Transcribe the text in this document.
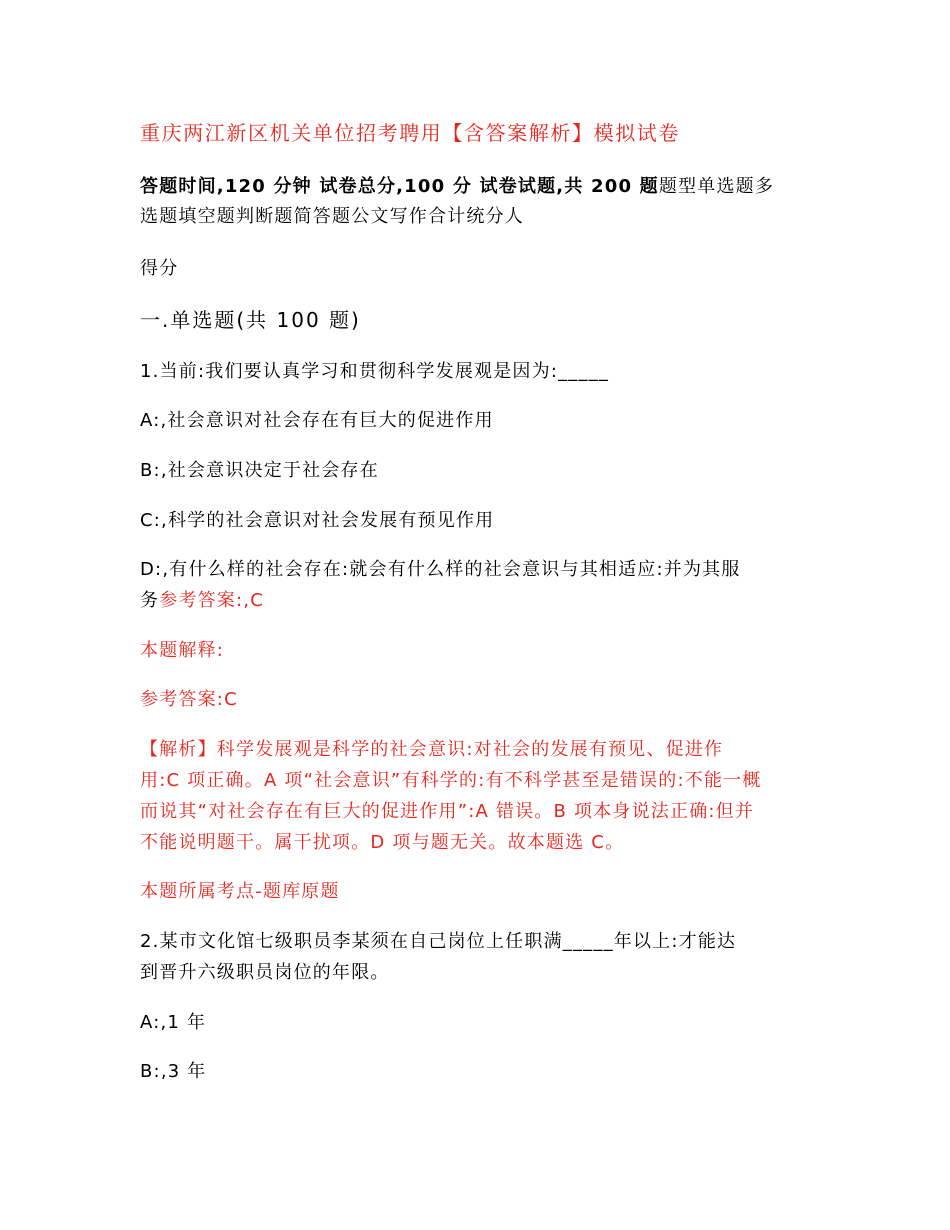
重庆两江新区机关单位招考聘用【含答案解析】模拟试卷
答题时间,120 分钟 试卷总分,100 分 试卷试题,共 200 题题型单选题多
选题填空题判断题简答题公文写作合计统分人
得分
一.单选题(共 100 题)
1.当前:我们要认真学习和贯彻科学发展观是因为:_____
A:,社会意识对社会存在有巨大的促进作用
B:,社会意识决定于社会存在
C:,科学的社会意识对社会发展有预见作用
D:,有什么样的社会存在:就会有什么样的社会意识与其相适应:并为其服
务参考答案:,C
本题解释:
参考答案:C
【解析】科学发展观是科学的社会意识:对社会的发展有预见、促进作
用:C 项正确。A 项“社会意识”有科学的:有不科学甚至是错误的:不能一概
而说其“对社会存在有巨大的促进作用”:A 错误。B 项本身说法正确:但并
不能说明题干。属干扰项。D 项与题无关。故本题选 C。
本题所属考点-题库原题
2.某市文化馆七级职员李某须在自己岗位上任职满_____年以上:才能达
到晋升六级职员岗位的年限。
A:,1 年
B:,3 年
